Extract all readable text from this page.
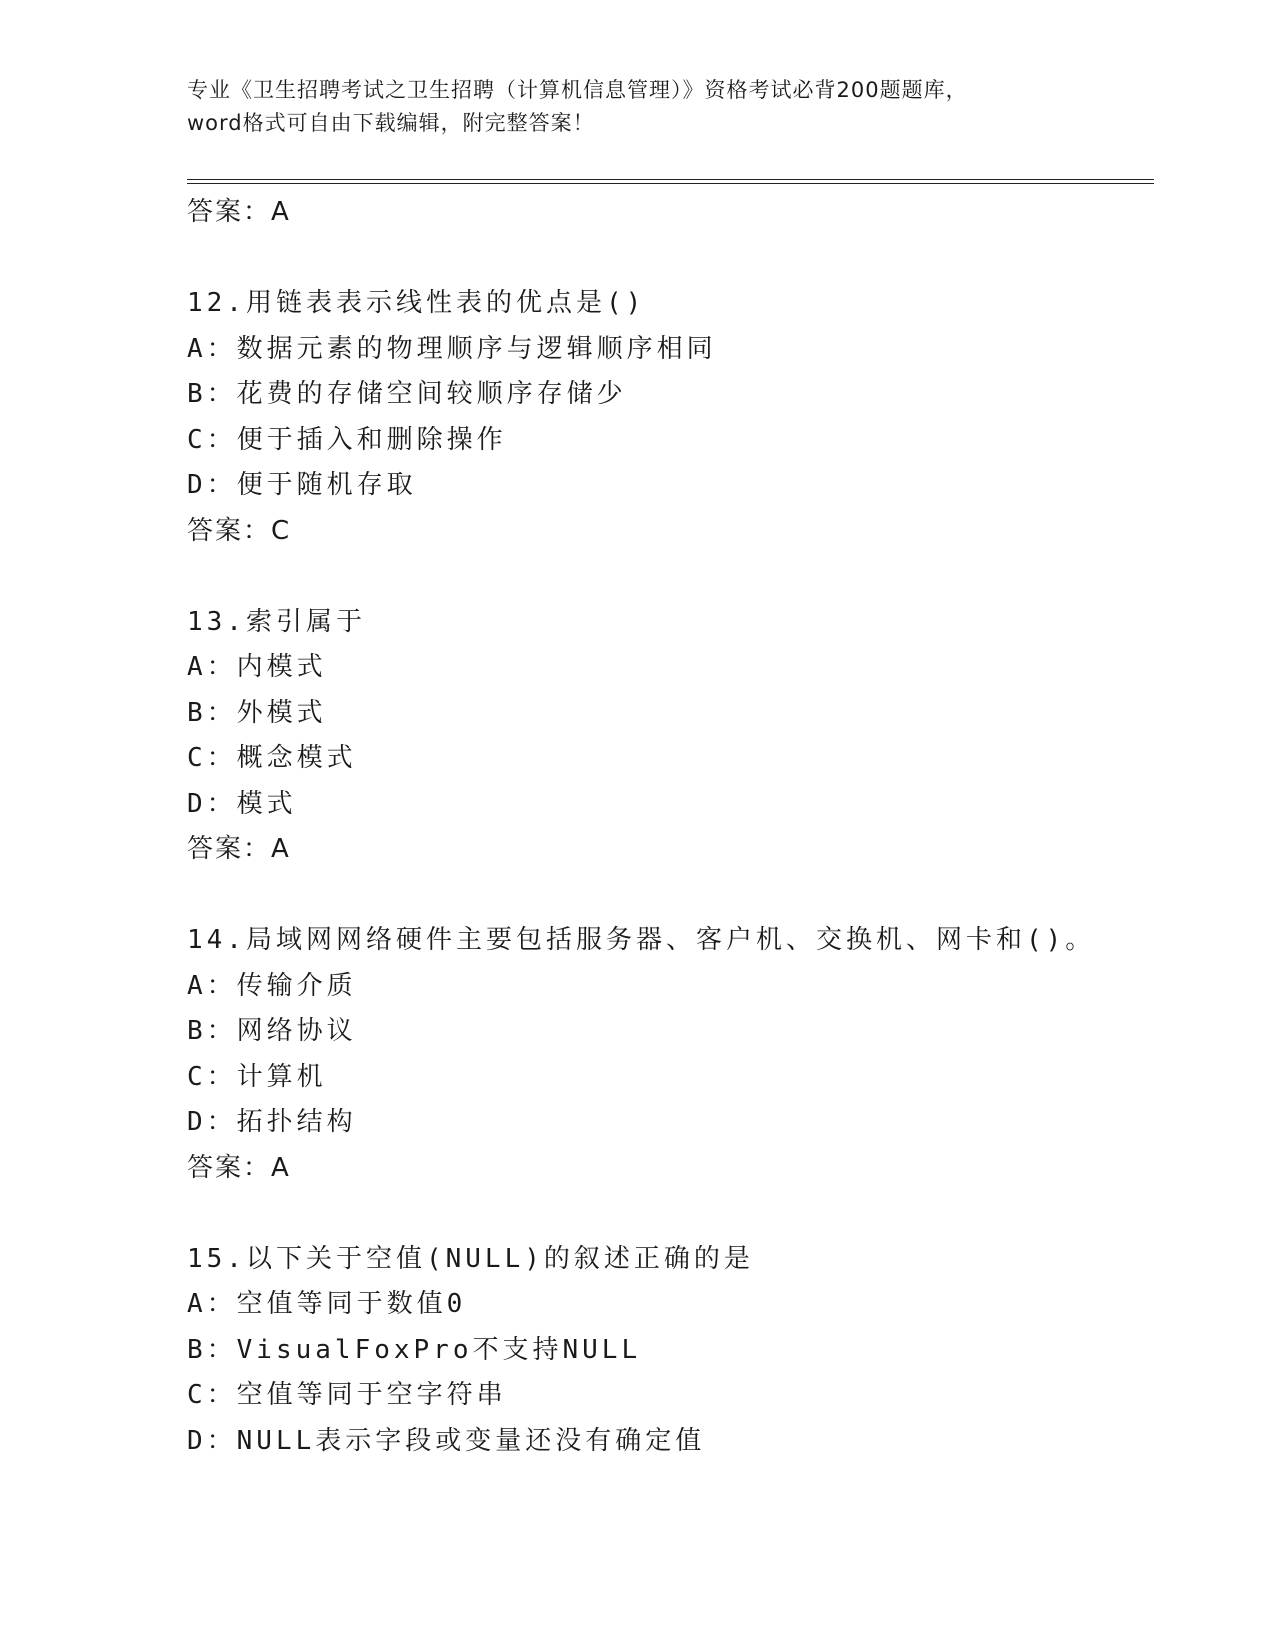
专业《卫生招聘考试之卫生招聘（计算机信息管理）》资格考试必背200题题库，
word格式可自由下载编辑，附完整答案！
答案：A
12.用链表表示线性表的优点是()
A：数据元素的物理顺序与逻辑顺序相同
B：花费的存储空间较顺序存储少
C：便于插入和删除操作
D：便于随机存取
答案：C
13.索引属于
A：内模式
B：外模式
C：概念模式
D：模式
答案：A
14.局域网网络硬件主要包括服务器、客户机、交换机、网卡和()。
A：传输介质
B：网络协议
C：计算机
D：拓扑结构
答案：A
15.以下关于空值(NULL)的叙述正确的是
A：空值等同于数值0
B：VisualFoxPro不支持NULL
C：空值等同于空字符串
D：NULL表示字段或变量还没有确定值
